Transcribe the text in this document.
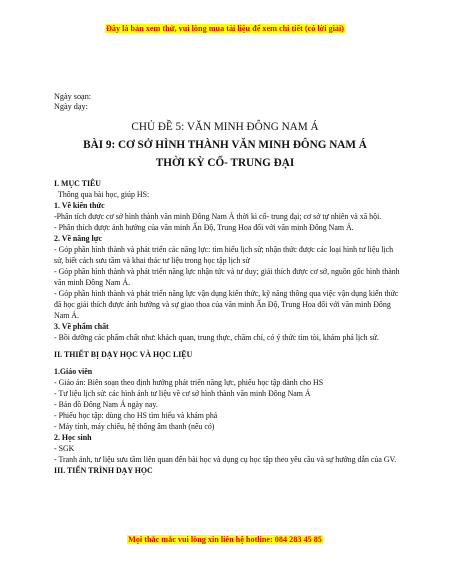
Đây là bản xem thử, vui lòng mua tài liệu để xem chi tiết (có lời giải)

Ngày soạn:

Ngày dạy:

CHỦ ĐỀ 5: VĂN MINH ĐÔNG NAM Á
BÀI 9: CƠ SỞ HÌNH THÀNH VĂN MINH ĐÔNG NAM Á
THỜI KỲ CỔ- TRUNG ĐẠI

I. MỤC TIÊU

Thông qua bài học, giúp HS:

1. Về kiến thức

-Phân tích được cơ sở hình thành văn minh Đông Nam Á thời kì cổ- trung đại; cơ sở tự nhiên và xã hội.

- Phân thích được ảnh hưởng của văn minh Ấn Độ, Trung Hoa đối với văn minh Đông Nam Á.

2. Về năng lực

- Góp phần hình thành và phát triển các năng lực: tìm hiểu lịch sử; nhận thức được các loại hình tư liệu lịch sử, biết cách sưu tầm và khai thác tư liệu trong học tập lịch sử

- Góp phần hình thành và phát triển năng lực nhận tức và tư duy; giải thích được cơ sở, nguồn gốc hình thành văn minh Đông Nam Á.

- Góp phần hình thành và phát triển năng lực vận dụng kiến thức, kỹ năng thông qua việc vận dụng kiến thức đã học giải thích được ảnh hưởng và sự giao thoa của văn minh Ấn Độ, Trung Hoa đối với văn minh Đông Nam Á.

3. Về phẩm chất

- Bồi dưỡng các phẩm chất như: khách quan, trung thực, chăm chỉ, có ý thức tìm tòi, khám phá lịch sử.

II. THIẾT BỊ DẠY HỌC VÀ HỌC LIỆU

1.Giáo viên

- Giáo án: Biên soạn theo định hướng phát triển năng lực, phiếu học tập dành cho HS

- Tư liệu lịch sử: các hình ảnh tư liệu về cơ sở hình thành văn minh Đông Nam Á

- Bản đồ Đông Nam Á ngày nay.

- Phiếu học tập: dùng cho HS tìm hiểu và khám phá

- Máy tính, máy chiếu, hệ thống âm thanh (nếu có)

2. Học sinh

- SGK

- Tranh ảnh, tư liệu sưu tầm liên quan đến bài học và dụng cụ học tập theo yêu cầu và sự hướng dẫn của GV.

III. TIẾN TRÌNH DẠY HỌC

Mọi thắc mắc vui lòng xin liên hệ hotline: 084 283 45 85
